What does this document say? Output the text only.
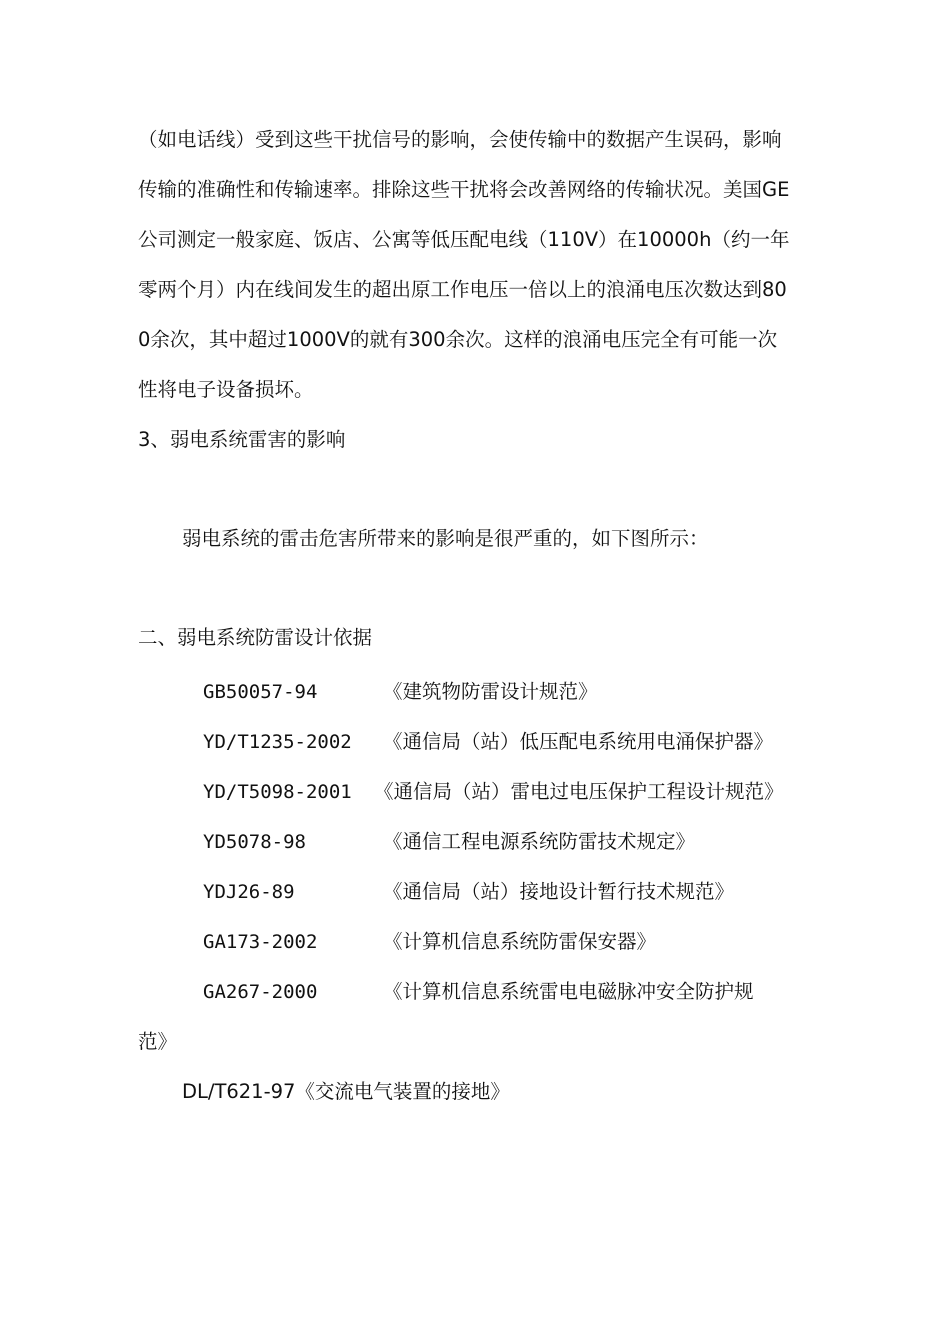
（如电话线）受到这些干扰信号的影响，会使传输中的数据产生误码，影响
传输的准确性和传输速率。排除这些干扰将会改善网络的传输状况。美国GE
公司测定一般家庭、饭店、公寓等低压配电线（110V）在10000h（约一年
零两个月）内在线间发生的超出原工作电压一倍以上的浪涌电压次数达到80
0余次，其中超过1000V的就有300余次。这样的浪涌电压完全有可能一次
性将电子设备损坏。
3、弱电系统雷害的影响
弱电系统的雷击危害所带来的影响是很严重的，如下图所示：
二、弱电系统防雷设计依据
GB50057-94	《建筑物防雷设计规范》
YD/T1235-2002 《通信局（站）低压配电系统用电涌保护器》
YD/T5098-2001 《通信局（站）雷电过电压保护工程设计规范》
YD5078-98	《通信工程电源系统防雷技术规定》
YDJ26-89	《通信局（站）接地设计暂行技术规范》
GA173-2002	《计算机信息系统防雷保安器》
GA267-2000	《计算机信息系统雷电电磁脉冲安全防护规
范》
DL/T621-97《交流电气装置的接地》
